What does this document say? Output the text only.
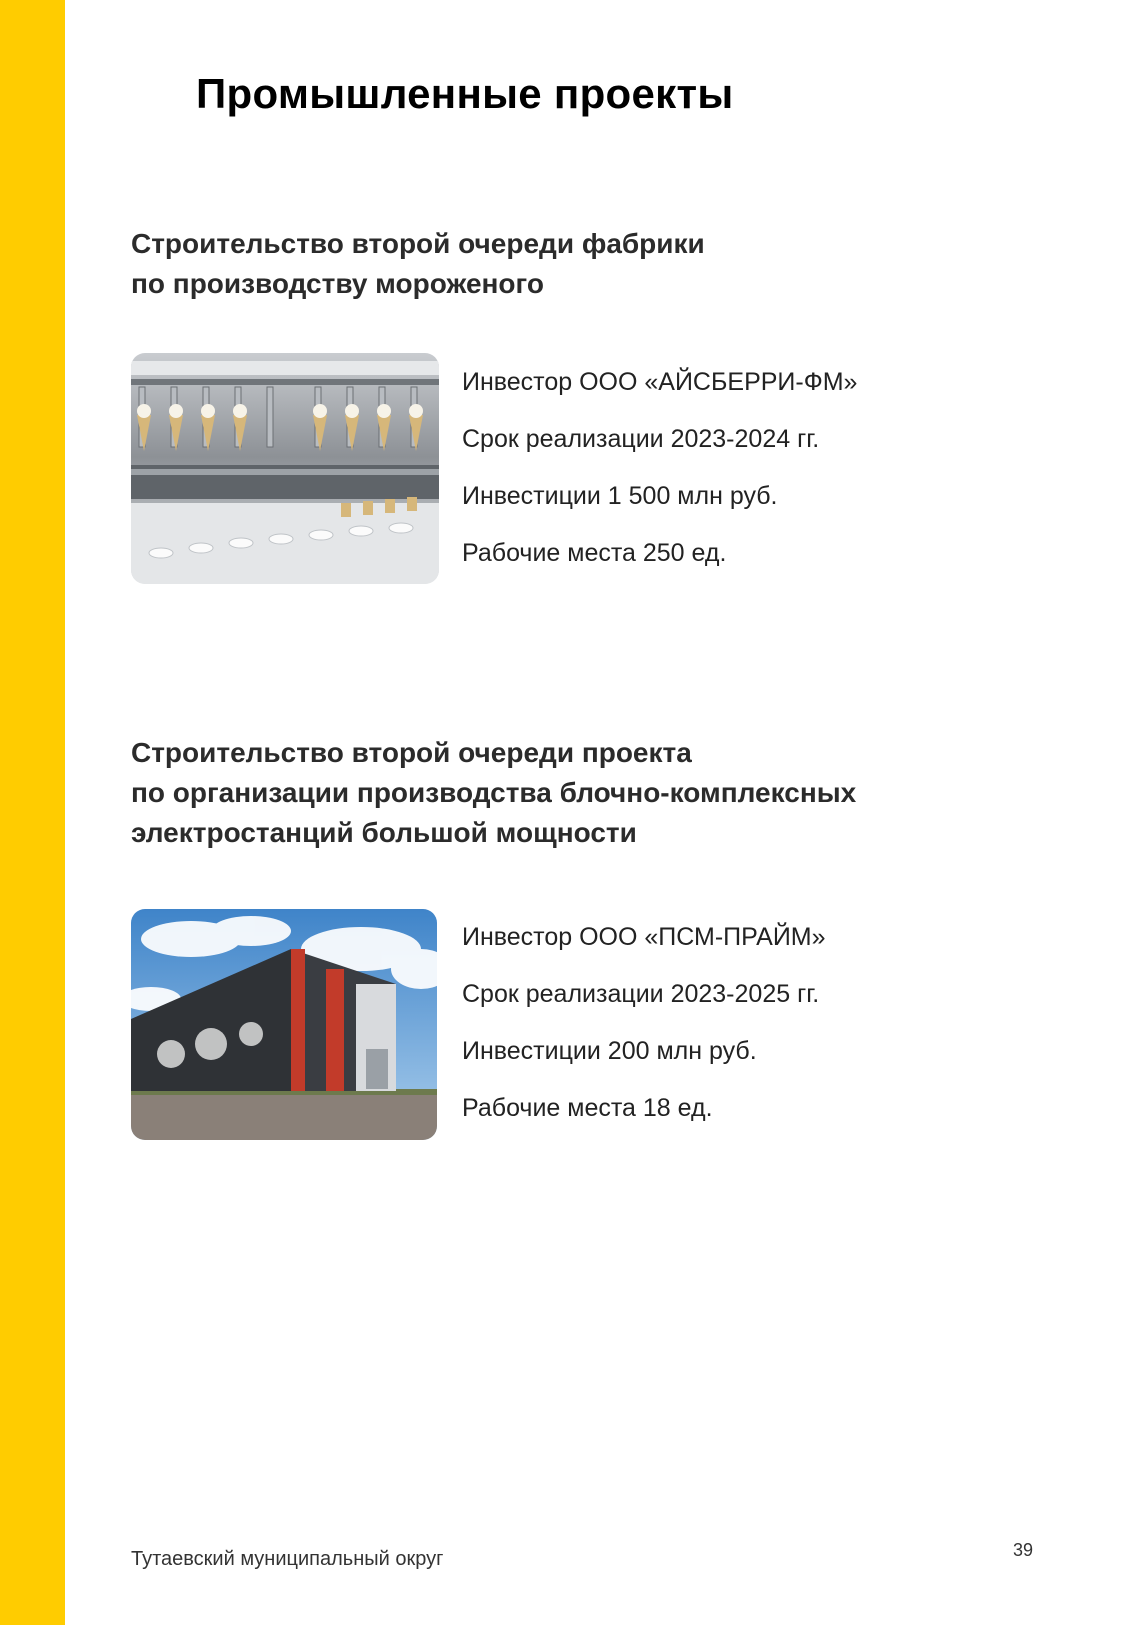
Промышленные проекты
Строительство второй очереди фабрики
по производству мороженого
Инвестор ООО «АЙСБЕРРИ-ФМ»
Срок реализации 2023-2024 гг.
Инвестиции 1 500 млн руб.
Рабочие места 250 ед.
Строительство второй очереди проекта
по организации производства блочно-комплексных
электростанций большой мощности
Инвестор ООО «ПСМ-ПРАЙМ»
Срок реализации 2023-2025 гг.
Инвестиции 200 млн руб.
Рабочие места 18 ед.
Тутаевский муниципальный округ	39
